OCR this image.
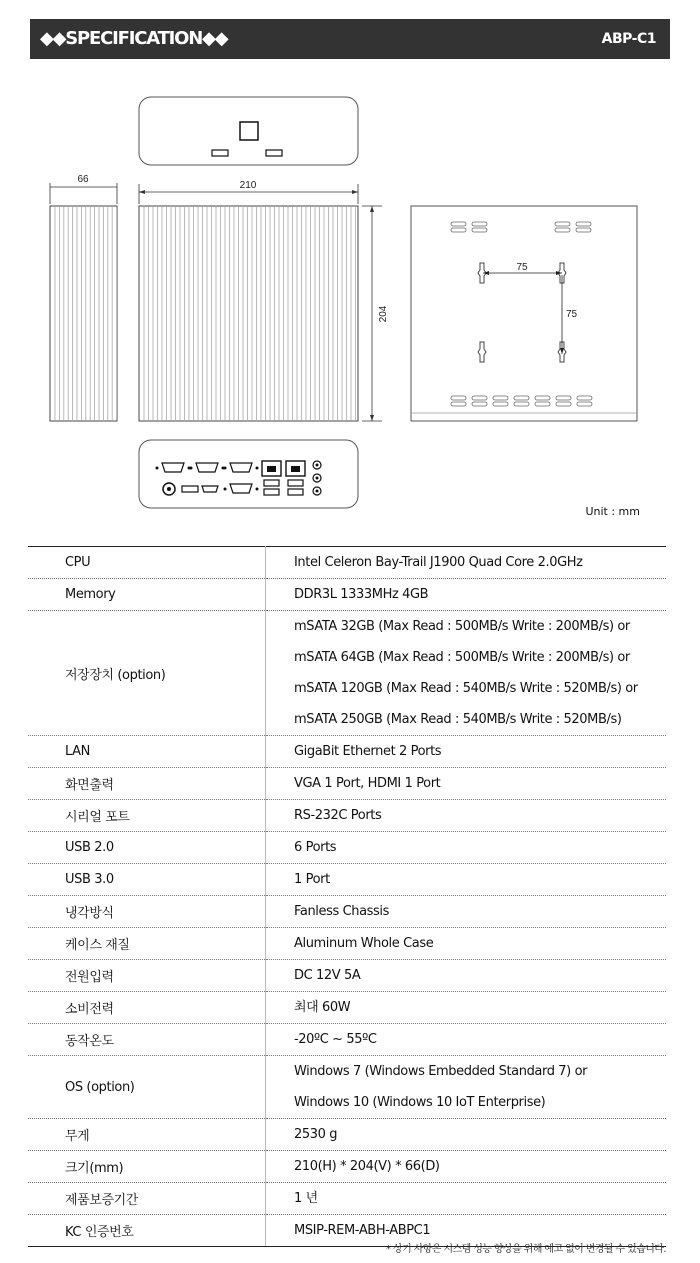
◆◆SPECIFICATION◆◆	ABP-C1
66
210
204
75
75
Unit : mm
CPU	Intel Celeron Bay-Trail J1900 Quad Core 2.0GHz

Memory	DDR3L 1333MHz 4GB

저장장치 (option)	mSATA 32GB (Max Read : 500MB/s Write : 200MB/s) or
mSATA 64GB (Max Read : 500MB/s Write : 200MB/s) or
mSATA 120GB (Max Read : 540MB/s Write : 520MB/s) or
mSATA 250GB (Max Read : 540MB/s Write : 520MB/s)

LAN	GigaBit Ethernet 2 Ports

화면출력	VGA 1 Port, HDMI 1 Port

시리얼 포트	RS-232C Ports

USB 2.0	6 Ports

USB 3.0	1 Port

냉각방식	Fanless Chassis

케이스 재질	Aluminum Whole Case

전원입력	DC 12V 5A

소비전력	최대 60W

동작온도	-20ºC ~ 55ºC

OS (option)	Windows 7 (Windows Embedded Standard 7) or
Windows 10 (Windows 10 IoT Enterprise)

무게	2530 g

크기(mm)	210(H) * 204(V) * 66(D)

제품보증기간	1 년

KC 인증번호	MSIP-REM-ABH-ABPC1
* 상기 사항은 시스템 성능 향상을 위해 예고 없이 변경될 수 있습니다.
